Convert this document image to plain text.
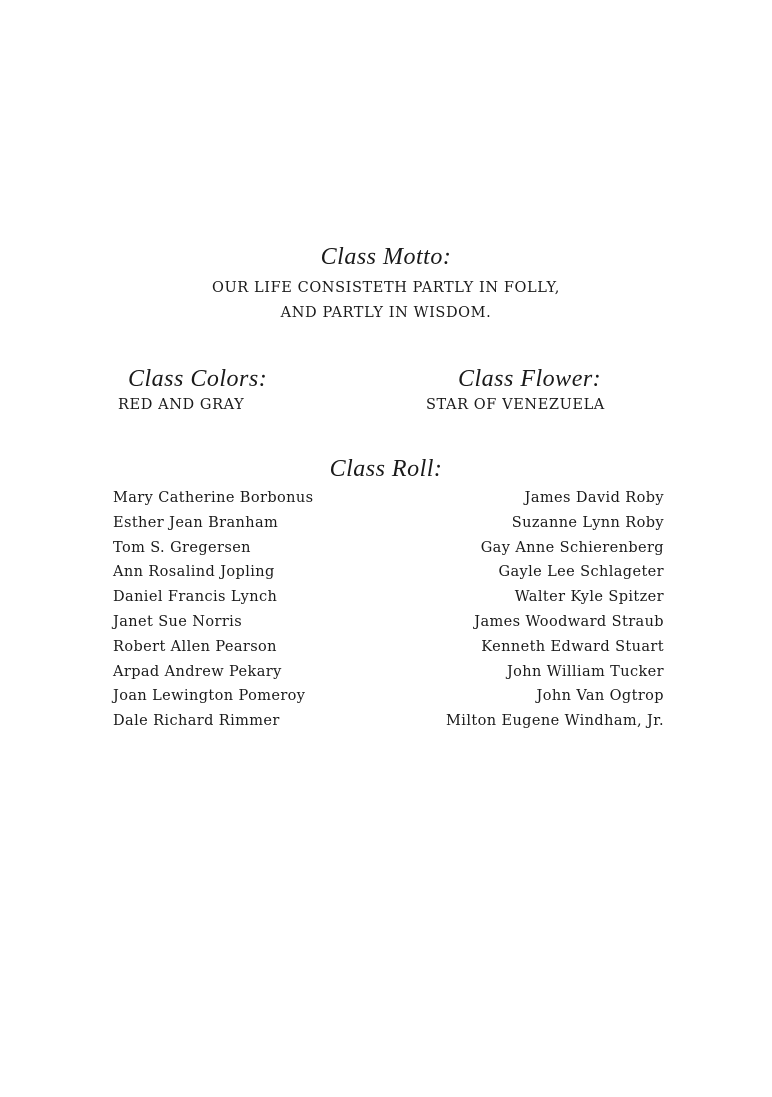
Class Motto:
OUR LIFE CONSISTETH PARTLY IN FOLLY,
AND PARTLY IN WISDOM.
Class Colors:
RED AND GRAY
Class Flower:
STAR OF VENEZUELA
Class Roll:
Mary Catherine Borbonus
Esther Jean Branham
Tom S. Gregersen
Ann Rosalind Jopling
Daniel Francis Lynch
Janet Sue Norris
Robert Allen Pearson
Arpad Andrew Pekary
Joan Lewington Pomeroy
Dale Richard Rimmer
James David Roby
Suzanne Lynn Roby
Gay Anne Schierenberg
Gayle Lee Schlageter
Walter Kyle Spitzer
James Woodward Straub
Kenneth Edward Stuart
John William Tucker
John Van Ogtrop
Milton Eugene Windham, Jr.
